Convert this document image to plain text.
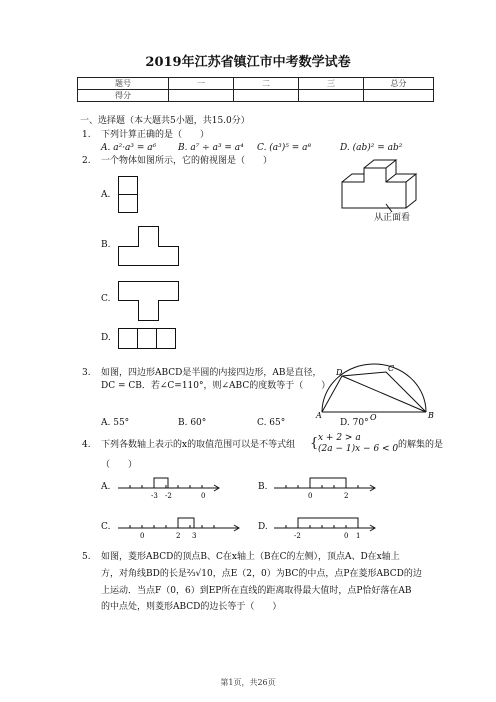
2019年江苏省镇江市中考数学试卷
题号	一	二	三	总分
得分				
一、选择题（本大题共5小题，共15.0分）
1. 下列计算正确的是（　　）
A. a²·a³ = a⁶ B. a⁷ ÷ a³ = a⁴ C. (a³)⁵ = a⁸	D. (ab)² = ab²
2. 一个物体如图所示，它的俯视图是（　　）
A.
B.
C.
D.
从正面看
3. 如图，四边形ABCD是半圆的内接四边形，AB是直径，
DC = CB．若∠C=110°，则∠ABC的度数等于（　　）
A. 55°	B. 60°	C. 65°	D. 70°
A	B
C
D
O
4. 下列各数轴上表示的x的取值范围可以是不等式组 { x + 2 > a
(2a − 1)x − 6 < 0 的解集的是
（　　）
A.
-3 -2	0
B.
0	2
C.
0	2 3
D.
-2	0 1
5. 如图，菱形ABCD的顶点B、C在x轴上（B在C的左侧），顶点A、D在x轴上
方，对角线BD的长是⅔√10，点E（2，0）为BC的中点，点P在菱形ABCD的边
上运动．当点F（0，6）到EP所在直线的距离取得最大值时，点P恰好落在AB
的中点处，则菱形ABCD的边长等于（　　）
第1页，共26页
